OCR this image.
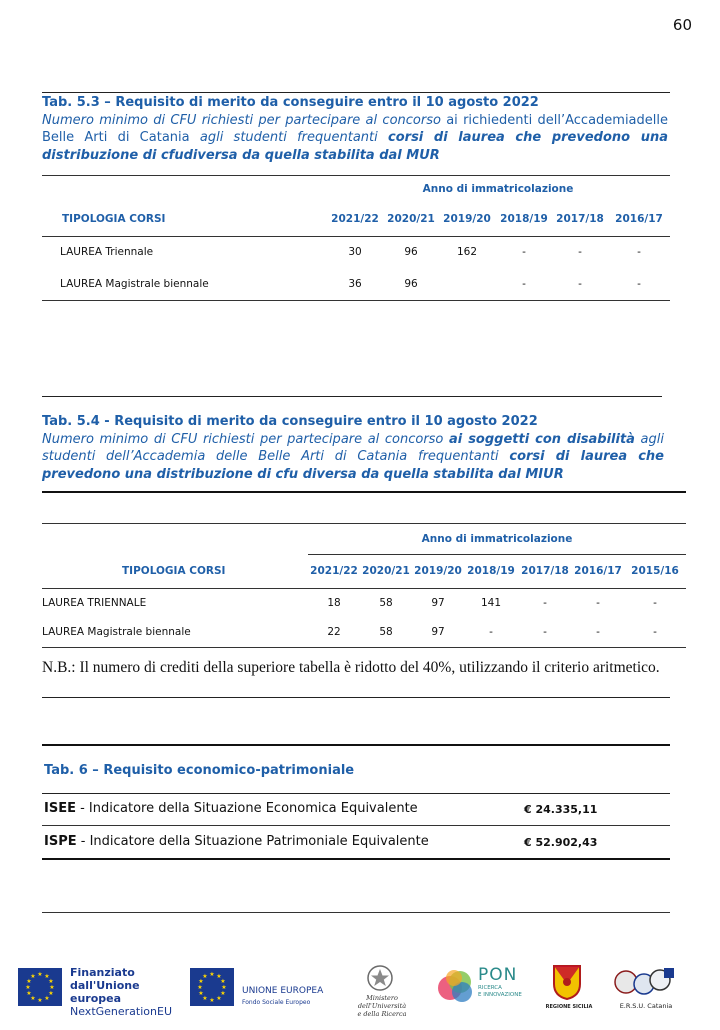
60
Tab. 5.3 – Requisito di merito da conseguire entro il 10 agosto 2022
Numero minimo di CFU richiesti per partecipare al concorso ai richiedenti dell’Accademiadelle Belle Arti di Catania agli studenti frequentanti corsi di laurea che prevedono una distribuzione di cfudiversa da quella stabilita dal MUR
	Anno di immatricolazione					
TIPOLOGIA CORSI	2021/22	2020/21	2019/20	2018/19	2017/18	2016/17
LAUREA Triennale	30	96	162	-	-	-
LAUREA Magistrale biennale	36	96		-	-	-
Tab. 5.4 - Requisito di merito da conseguire entro il 10 agosto 2022
Numero minimo di CFU richiesti per partecipare al concorso ai soggetti con disabilità agli studenti dell’Accademia delle Belle Arti di Catania frequentanti corsi di laurea che prevedono una distribuzione di cfu diversa da quella stabilita dal MIUR
	Anno di immatricolazione						
TIPOLOGIA CORSI	2021/22	2020/21	2019/20	2018/19	2017/18	2016/17	2015/16
LAUREA TRIENNALE	18	58	97	141	-	-	-
LAUREA Magistrale biennale	22	58	97	-	-	-	-
N.B.: Il numero di crediti della superiore tabella è ridotto del 40%, utilizzando il criterio aritmetico.
Tab. 6 – Requisito economico-patrimoniale
ISEE - Indicatore della Situazione Economica Equivalente	€ 24.335,11
ISPE - Indicatore della Situazione Patrimoniale Equivalente	€ 52.902,43
★ ★
★
★
★
★
★
★
★
★
★
★	Finanziato
dall'Unione europea
NextGenerationEU
★ ★
★
★
★
★
★
★
★
★
★
★
UNIONE EUROPEA
Fondo Sociale Europeo
Ministero dell'Università
e della Ricerca
PON
RICERCA
E INNOVAZIONE
REGIONE SICILIA	E.R.S.U. Catania
